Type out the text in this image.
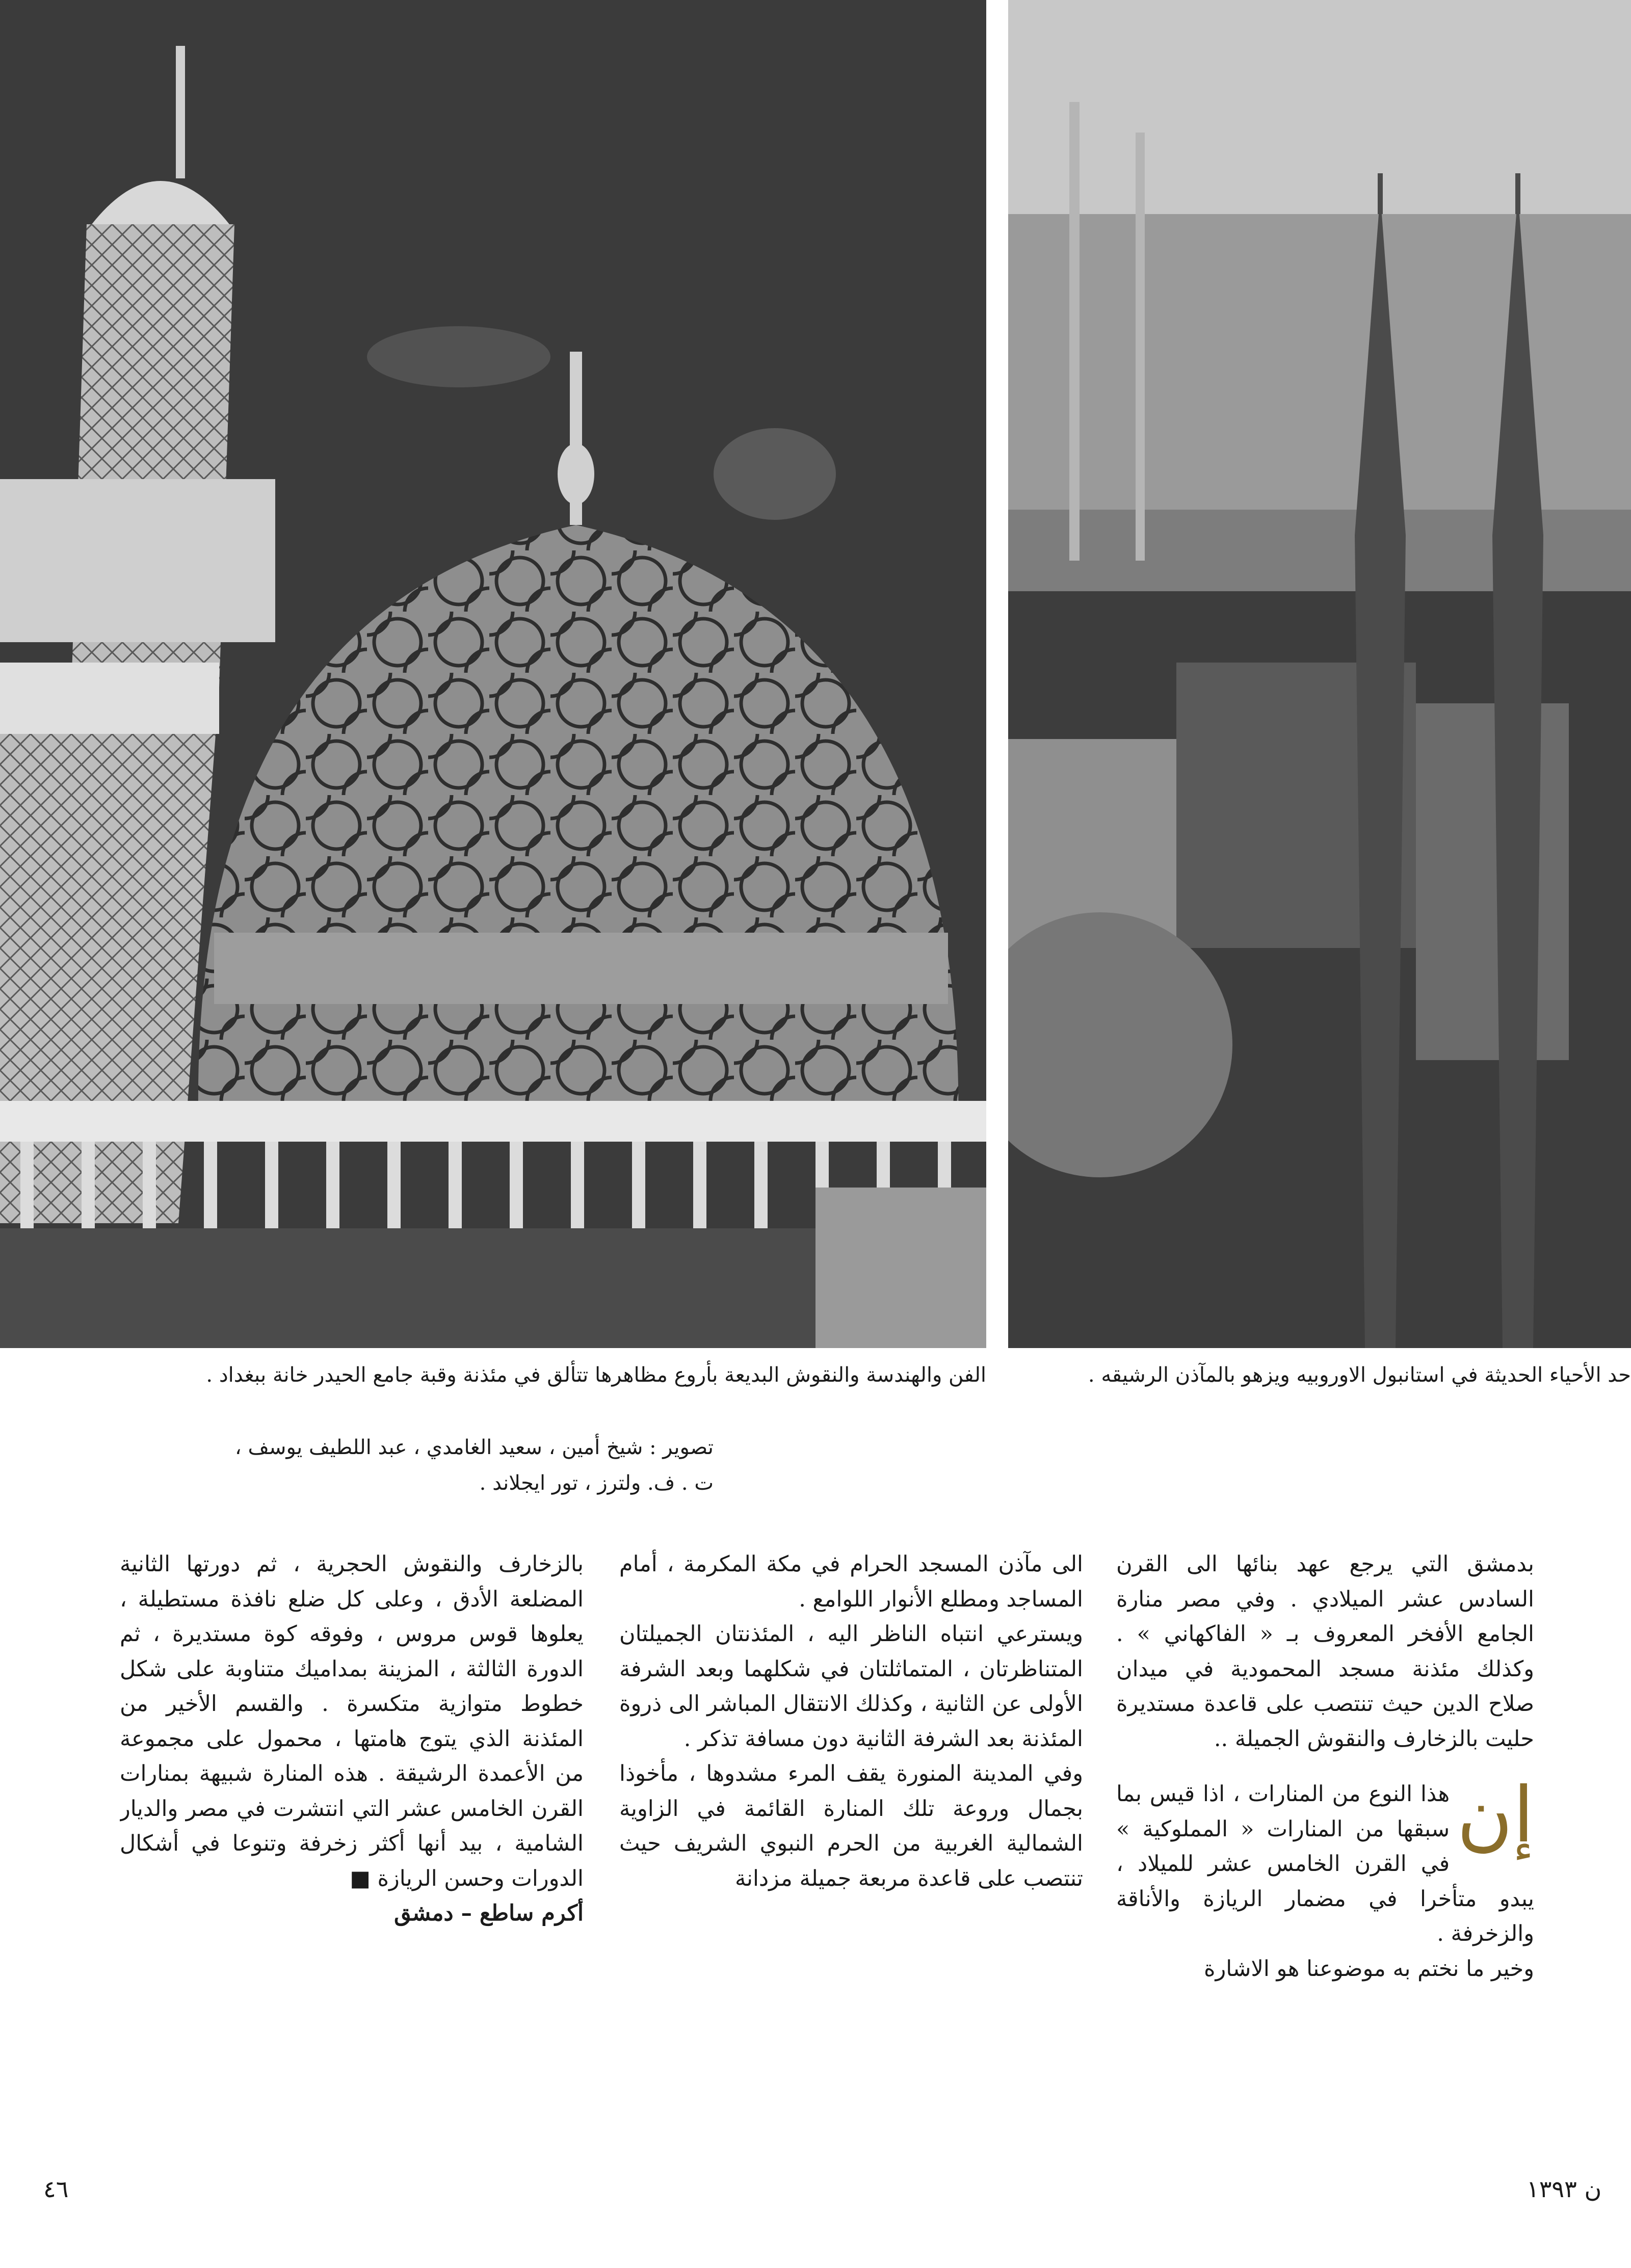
الفن والهندسة والنقوش البديعة بأروع مظاهرها تتألق في مئذنة وقبة جامع الحيدر خانة ببغداد .	حد الأحياء الحديثة في استانبول الاوروبيه ويزهو بالمآذن الرشيقه .
تصوير : شيخ أمين ، سعيد الغامدي ، عبد اللطيف يوسف ،
ت . ف. ولترز ، تور ايجلاند .

بدمشق التي يرجع عهد بنائها الى القرن السادس عشر الميلادي . وفي مصر منارة الجامع الأفخر المعروف بـ « الفاكهاني » . وكذلك مئذنة مسجد المحمودية في ميدان صلاح الدين حيث تنتصب على قاعدة مستديرة حليت بالزخارف والنقوش الجميلة ..

إن
هذا النوع من المنارات ، اذا قيس بما سبقها من المنارات « المملوكية » في القرن الخامس عشر للميلاد ، يبدو متأخرا في مضمار الريازة والأناقة والزخرفة .

وخير ما نختم به موضوعنا هو الاشارة

الى مآذن المسجد الحرام في مكة المكرمة ، أمام المساجد ومطلع الأنوار اللوامع .

ويسترعي انتباه الناظر اليه ، المئذنتان الجميلتان المتناظرتان ، المتماثلتان في شكلهما وبعد الشرفة الأولى عن الثانية ، وكذلك الانتقال المباشر الى ذروة المئذنة بعد الشرفة الثانية دون مسافة تذكر .

وفي المدينة المنورة يقف المرء مشدوها ، مأخوذا بجمال وروعة تلك المنارة القائمة في الزاوية الشمالية الغربية من الحرم النبوي الشريف حيث تنتصب على قاعدة مربعة جميلة مزدانة

بالزخارف والنقوش الحجرية ، ثم دورتها الثانية المضلعة الأدق ، وعلى كل ضلع نافذة مستطيلة ، يعلوها قوس مروس ، وفوقه كوة مستديرة ، ثم الدورة الثالثة ، المزينة بمداميك متناوبة على شكل خطوط متوازية متكسرة . والقسم الأخير من المئذنة الذي يتوج هامتها ، محمول على مجموعة من الأعمدة الرشيقة . هذه المنارة شبيهة بمنارات القرن الخامس عشر التي انتشرت في مصر والديار الشامية ، بيد أنها أكثر زخرفة وتنوعا في أشكال الدورات وحسن الريازة ■

أكرم ساطع – دمشق

٤٦	ن ١٣٩٣
